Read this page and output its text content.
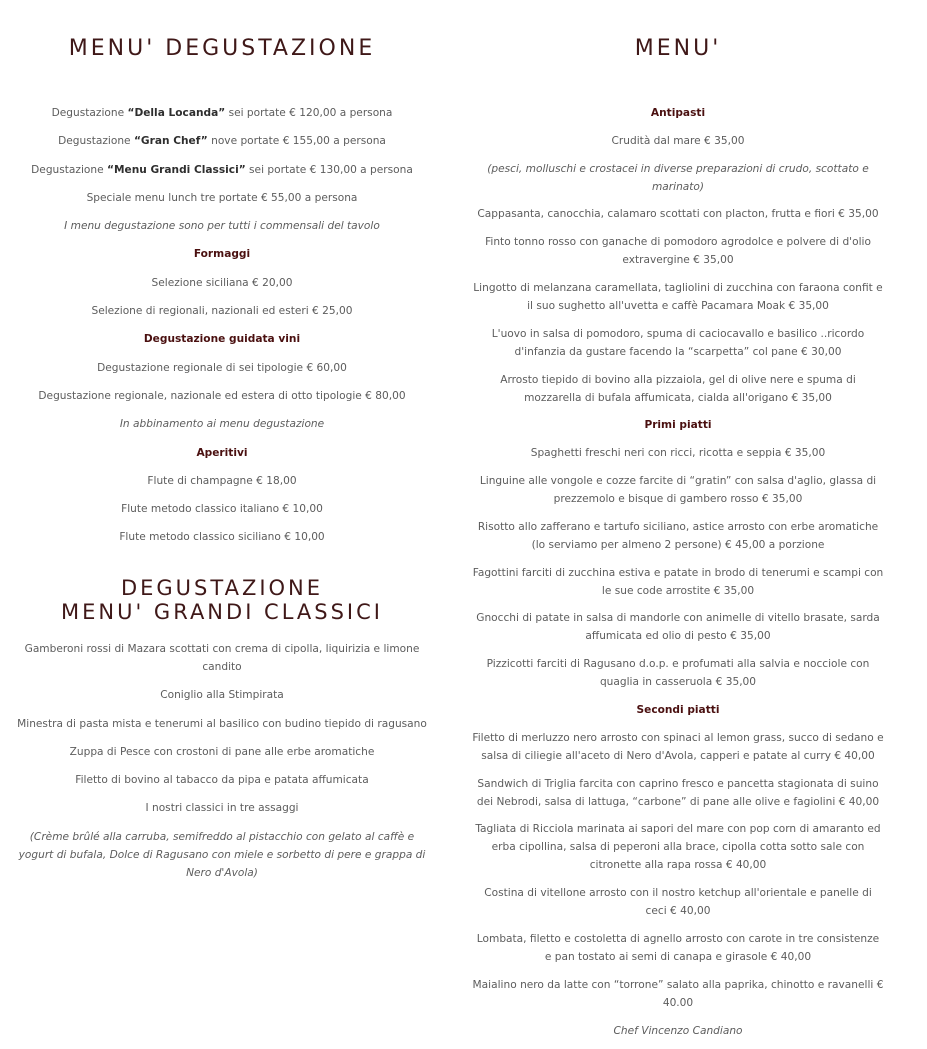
MENU' DEGUSTAZIONE

Degustazione “Della Locanda” sei portate € 120,00 a persona

Degustazione “Gran Chef” nove portate € 155,00 a persona

Degustazione “Menu Grandi Classici” sei portate € 130,00 a persona

Speciale menu lunch tre portate € 55,00 a persona

I menu degustazione sono per tutti i commensali del tavolo

Formaggi

Selezione siciliana € 20,00

Selezione di regionali, nazionali ed esteri € 25,00

Degustazione guidata vini

Degustazione regionale di sei tipologie € 60,00

Degustazione regionale, nazionale ed estera di otto tipologie € 80,00

In abbinamento ai menu degustazione

Aperitivi

Flute di champagne € 18,00

Flute metodo classico italiano € 10,00

Flute metodo classico siciliano € 10,00

DEGUSTAZIONE
MENU' GRANDI CLASSICI

Gamberoni rossi di Mazara scottati con crema di cipolla, liquirizia e limone candito

Coniglio alla Stimpirata

Minestra di pasta mista e tenerumi al basilico con budino tiepido di ragusano

Zuppa di Pesce con crostoni di pane alle erbe aromatiche

Filetto di bovino al tabacco da pipa e patata affumicata

I nostri classici in tre assaggi

(Crème brûlé alla carruba, semifreddo al pistacchio con gelato al caffè e yogurt di bufala, Dolce di Ragusano con miele e sorbetto di pere e grappa di Nero d'Avola)

MENU'

Antipasti

Crudità dal mare € 35,00

(pesci, molluschi e crostacei in diverse preparazioni di crudo, scottato e marinato)

Cappasanta, canocchia, calamaro scottati con placton, frutta e fiori € 35,00

Finto tonno rosso con ganache di pomodoro agrodolce e polvere di d'olio extravergine € 35,00

Lingotto di melanzana caramellata, tagliolini di zucchina con faraona confit e il suo sughetto all'uvetta e caffè Pacamara Moak € 35,00

L'uovo in salsa di pomodoro, spuma di caciocavallo e basilico ..ricordo d'infanzia da gustare facendo la “scarpetta” col pane € 30,00

Arrosto tiepido di bovino alla pizzaiola, gel di olive nere e spuma di mozzarella di bufala affumicata, cialda all'origano € 35,00

Primi piatti

Spaghetti freschi neri con ricci, ricotta e seppia € 35,00

Linguine alle vongole e cozze farcite di “gratin” con salsa d'aglio, glassa di prezzemolo e bisque di gambero rosso € 35,00

Risotto allo zafferano e tartufo siciliano, astice arrosto con erbe aromatiche (lo serviamo per almeno 2 persone) € 45,00 a porzione

Fagottini farciti di zucchina estiva e patate in brodo di tenerumi e scampi con le sue code arrostite € 35,00

Gnocchi di patate in salsa di mandorle con animelle di vitello brasate, sarda affumicata ed olio di pesto € 35,00

Pizzicotti farciti di Ragusano d.o.p. e profumati alla salvia e nocciole con quaglia in casseruola € 35,00

Secondi piatti

Filetto di merluzzo nero arrosto con spinaci al lemon grass, succo di sedano e salsa di ciliegie all'aceto di Nero d'Avola, capperi e patate al curry € 40,00

Sandwich di Triglia farcita con caprino fresco e pancetta stagionata di suino dei Nebrodi, salsa di lattuga, “carbone” di pane alle olive e fagiolini € 40,00

Tagliata di Ricciola marinata ai sapori del mare con pop corn di amaranto ed erba cipollina, salsa di peperoni alla brace, cipolla cotta sotto sale con citronette alla rapa rossa € 40,00

Costina di vitellone arrosto con il nostro ketchup all'orientale e panelle di ceci € 40,00

Lombata, filetto e costoletta di agnello arrosto con carote in tre consistenze e pan tostato ai semi di canapa e girasole € 40,00

Maialino nero da latte con “torrone” salato alla paprika, chinotto e ravanelli € 40.00

Chef Vincenzo Candiano
